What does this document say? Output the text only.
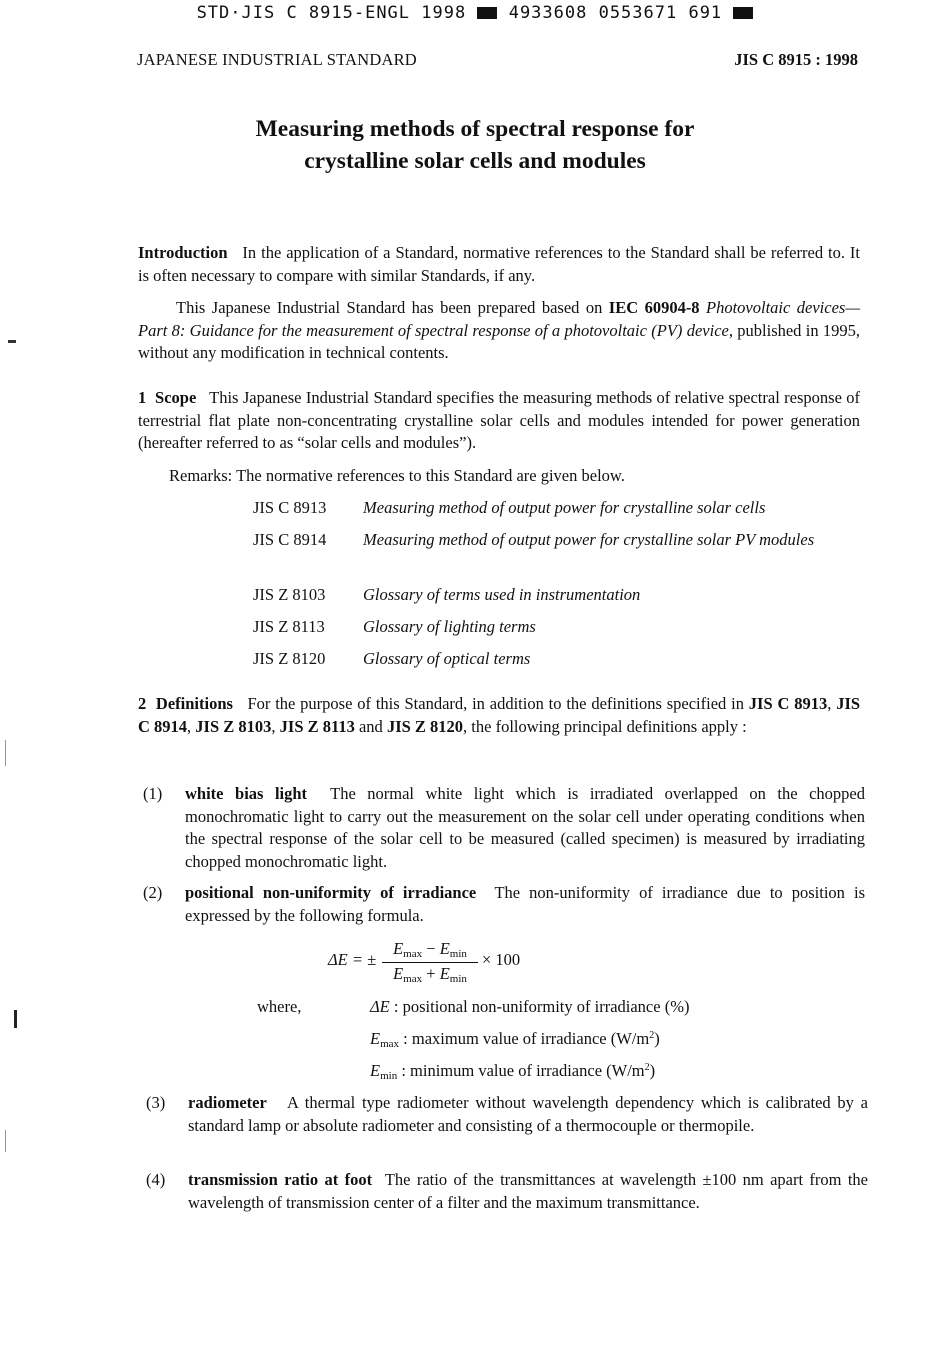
STD·JIS C 8915-ENGL 1998	4933608 0553671 691
JAPANESE INDUSTRIAL STANDARD	JIS C 8915 : 1998
Measuring methods of spectral response for
crystalline solar cells and modules
Introduction In the application of a Standard, normative references to the Standard shall be referred to. It is often necessary to compare with similar Standards, if any.
This Japanese Industrial Standard has been prepared based on IEC 60904-8 Photovoltaic devices—Part 8: Guidance for the measurement of spectral response of a photovoltaic (PV) device, published in 1995, without any modification in technical contents.
1 Scope This Japanese Industrial Standard specifies the measuring methods of relative spectral response of terrestrial flat plate non-concentrating crystalline solar cells and modules intended for power generation (hereafter referred to as “solar cells and modules”).
Remarks: The normative references to this Standard are given below.
JIS C 8913	Measuring method of output power for crystalline solar cells
JIS C 8914	Measuring method of output power for crystalline solar PV modules
JIS Z 8103	Glossary of terms used in instrumentation
JIS Z 8113	Glossary of lighting terms
JIS Z 8120	Glossary of optical terms
2 Definitions For the purpose of this Standard, in addition to the definitions specified in JIS C 8913, JIS C 8914, JIS Z 8103, JIS Z 8113 and JIS Z 8120, the following principal definitions apply :
(1) white bias light The normal white light which is irradiated overlapped on the chopped monochromatic light to carry out the measurement on the solar cell under operating conditions when the spectral response of the solar cell to be measured (called specimen) is measured by irradiating chopped monochromatic light.
(2) positional non-uniformity of irradiance The non-uniformity of irradiance due to position is expressed by the following formula.
ΔE = ±
Emax − Emin
Emax + Emin
× 100
where,	ΔE : positional non-uniformity of irradiance (%)
Emax : maximum value of irradiance $(W/m^2)$
Emin : minimum value of irradiance $(W/m^2)$
(3) radiometer A thermal type radiometer without wavelength dependency which is calibrated by a standard lamp or absolute radiometer and consisting of a thermocouple or thermopile.
(4) transmission ratio at foot The ratio of the transmittances at wavelength ±100 nm apart from the wavelength of transmission center of a filter and the maximum transmittance.
